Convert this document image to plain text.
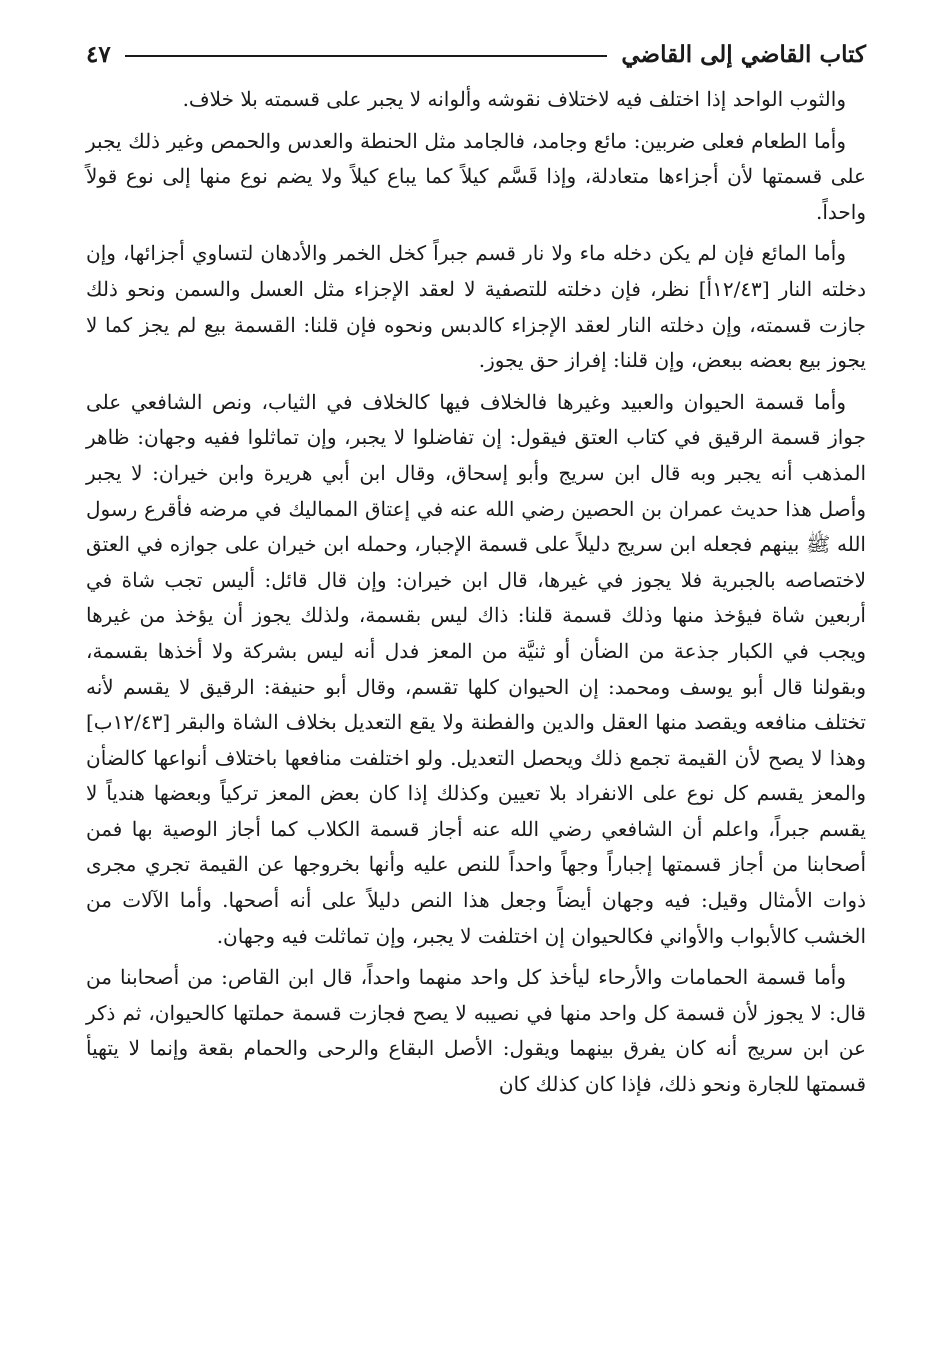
كتاب القاضي إلى القاضي
٤٧

والثوب الواحد إذا اختلف فيه لاختلاف نقوشه وألوانه لا يجبر على قسمته بلا خلاف.

وأما الطعام فعلى ضربين: مائع وجامد، فالجامد مثل الحنطة والعدس والحمص وغير ذلك يجبر على قسمتها لأن أجزاءها متعادلة، وإذا قَسَّم كيلاً كما يباع كيلاً ولا يضم نوع منها إلى نوع قولاً واحداً.

وأما المائع فإن لم يكن دخله ماء ولا نار قسم جبراً كخل الخمر والأدهان لتساوي أجزائها، وإن دخلته النار [١٢/٤٣أ] نظر، فإن دخلته للتصفية لا لعقد الإجزاء مثل العسل والسمن ونحو ذلك جازت قسمته، وإن دخلته النار لعقد الإجزاء كالدبس ونحوه فإن قلنا: القسمة بيع لم يجز كما لا يجوز بيع بعضه ببعض، وإن قلنا: إفراز حق يجوز.

وأما قسمة الحيوان والعبيد وغيرها فالخلاف فيها كالخلاف في الثياب، ونص الشافعي على جواز قسمة الرقيق في كتاب العتق فيقول: إن تفاضلوا لا يجبر، وإن تماثلوا ففيه وجهان: ظاهر المذهب أنه يجبر وبه قال ابن سريج وأبو إسحاق، وقال ابن أبي هريرة وابن خيران: لا يجبر وأصل هذا حديث عمران بن الحصين رضي الله عنه في إعتاق المماليك في مرضه فأقرع رسول الله ﷺ بينهم فجعله ابن سريج دليلاً على قسمة الإجبار، وحمله ابن خيران على جوازه في العتق لاختصاصه بالجبرية فلا يجوز في غيرها، قال ابن خيران: وإن قال قائل: أليس تجب شاة في أربعين شاة فيؤخذ منها وذلك قسمة قلنا: ذاك ليس بقسمة، ولذلك يجوز أن يؤخذ من غيرها ويجب في الكبار جذعة من الضأن أو ثنيَّة من المعز فدل أنه ليس بشركة ولا أخذها بقسمة، وبقولنا قال أبو يوسف ومحمد: إن الحيوان كلها تقسم، وقال أبو حنيفة: الرقيق لا يقسم لأنه تختلف منافعه ويقصد منها العقل والدين والفطنة ولا يقع التعديل بخلاف الشاة والبقر [١٢/٤٣ب] وهذا لا يصح لأن القيمة تجمع ذلك ويحصل التعديل. ولو اختلفت منافعها باختلاف أنواعها كالضأن والمعز يقسم كل نوع على الانفراد بلا تعيين وكذلك إذا كان بعض المعز تركياً وبعضها هندياً لا يقسم جبراً، واعلم أن الشافعي رضي الله عنه أجاز قسمة الكلاب كما أجاز الوصية بها فمن أصحابنا من أجاز قسمتها إجباراً وجهاً واحداً للنص عليه وأنها بخروجها عن القيمة تجري مجرى ذوات الأمثال وقيل: فيه وجهان أيضاً وجعل هذا النص دليلاً على أنه أصحها. وأما الآلات من الخشب كالأبواب والأواني فكالحيوان إن اختلفت لا يجبر، وإن تماثلت فيه وجهان.

وأما قسمة الحمامات والأرحاء ليأخذ كل واحد منهما واحداً، قال ابن القاص: من أصحابنا من قال: لا يجوز لأن قسمة كل واحد منها في نصيبه لا يصح فجازت قسمة حملتها كالحيوان، ثم ذكر عن ابن سريج أنه كان يفرق بينهما ويقول: الأصل البقاع والرحى والحمام بقعة وإنما لا يتهيأ قسمتها للجارة ونحو ذلك، فإذا كان كذلك كان
